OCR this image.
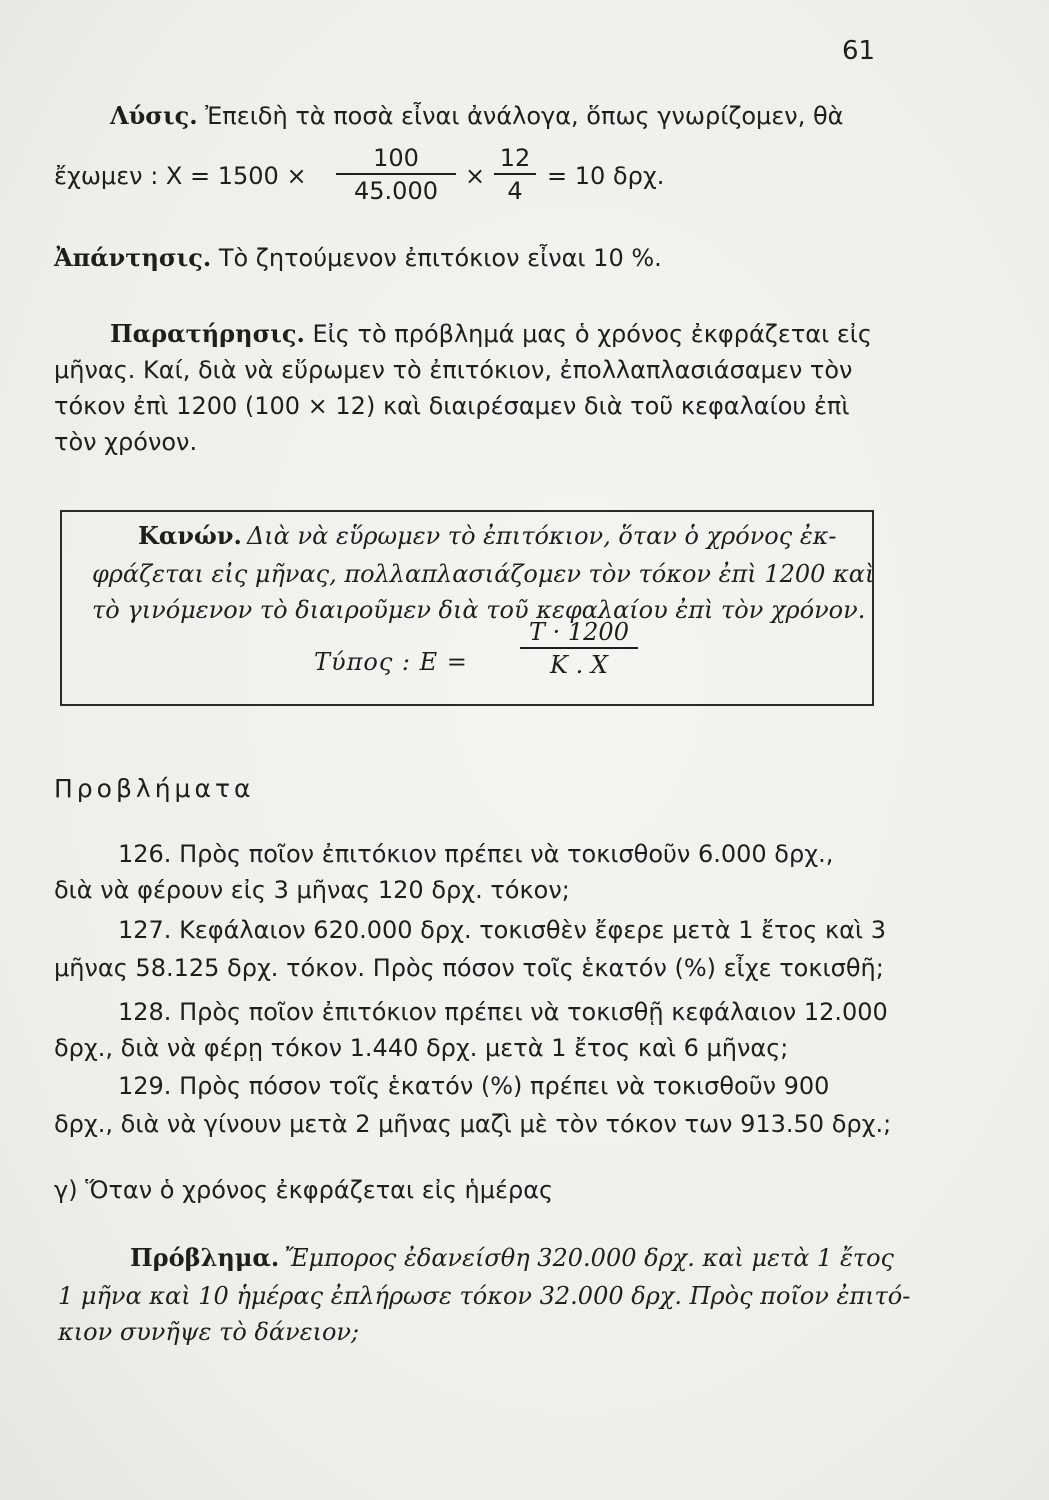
61
Λύσις. Ἐπειδὴ τὰ ποσὰ εἶναι ἀνάλογα, ὅπως γνωρίζομεν, θὰ
ἔχωμεν : X = 1500 ×
100
45.000
×
12
4
= 10 δρχ.
Ἀπάντησις. Τὸ ζητούμενον ἐπιτόκιον εἶναι 10 %.
Παρατήρησις. Εἰς τὸ πρόβλημά μας ὁ χρόνος ἐκφράζεται εἰς
μῆνας. Καί, διὰ νὰ εὕρωμεν τὸ ἐπιτόκιον, ἐπολλαπλασιάσαμεν τὸν
τόκον ἐπὶ 1200 (100 × 12) καὶ διαιρέσαμεν διὰ τοῦ κεφαλαίου ἐπὶ
τὸν χρόνον.
Κανών. Διὰ νὰ εὕρωμεν τὸ ἐπιτόκιον, ὅταν ὁ χρόνος ἐκ-
φράζεται εἰς μῆνας, πολλαπλασιάζομεν τὸν τόκον ἐπὶ 1200 καὶ
τὸ γινόμενον τὸ διαιροῦμεν διὰ τοῦ κεφαλαίου ἐπὶ τὸν χρόνον.
Τύπος : E =
T · 1200
K . X
Προβλήματα
126. Πρὸς ποῖον ἐπιτόκιον πρέπει νὰ τοκισθοῦν 6.000 δρχ.,
διὰ νὰ φέρουν εἰς 3 μῆνας 120 δρχ. τόκον;
127. Κεφάλαιον 620.000 δρχ. τοκισθὲν ἔφερε μετὰ 1 ἔτος καὶ 3
μῆνας 58.125 δρχ. τόκον. Πρὸς πόσον τοῖς ἑκατόν (%) εἶχε τοκισθῆ;
128. Πρὸς ποῖον ἐπιτόκιον πρέπει νὰ τοκισθῇ κεφάλαιον 12.000
δρχ., διὰ νὰ φέρῃ τόκον 1.440 δρχ. μετὰ 1 ἔτος καὶ 6 μῆνας;
129. Πρὸς πόσον τοῖς ἑκατόν (%) πρέπει νὰ τοκισθοῦν 900
δρχ., διὰ νὰ γίνουν μετὰ 2 μῆνας μαζὶ μὲ τὸν τόκον των 913.50 δρχ.;
γ) Ὅταν ὁ χρόνος ἐκφράζεται εἰς ἡμέρας
Πρόβλημα. Ἔμπορος ἐδανείσθη 320.000 δρχ. καὶ μετὰ 1 ἔτος
1 μῆνα καὶ 10 ἡμέρας ἐπλήρωσε τόκον 32.000 δρχ. Πρὸς ποῖον ἐπιτό-
κιον συνῆψε τὸ δάνειον;
